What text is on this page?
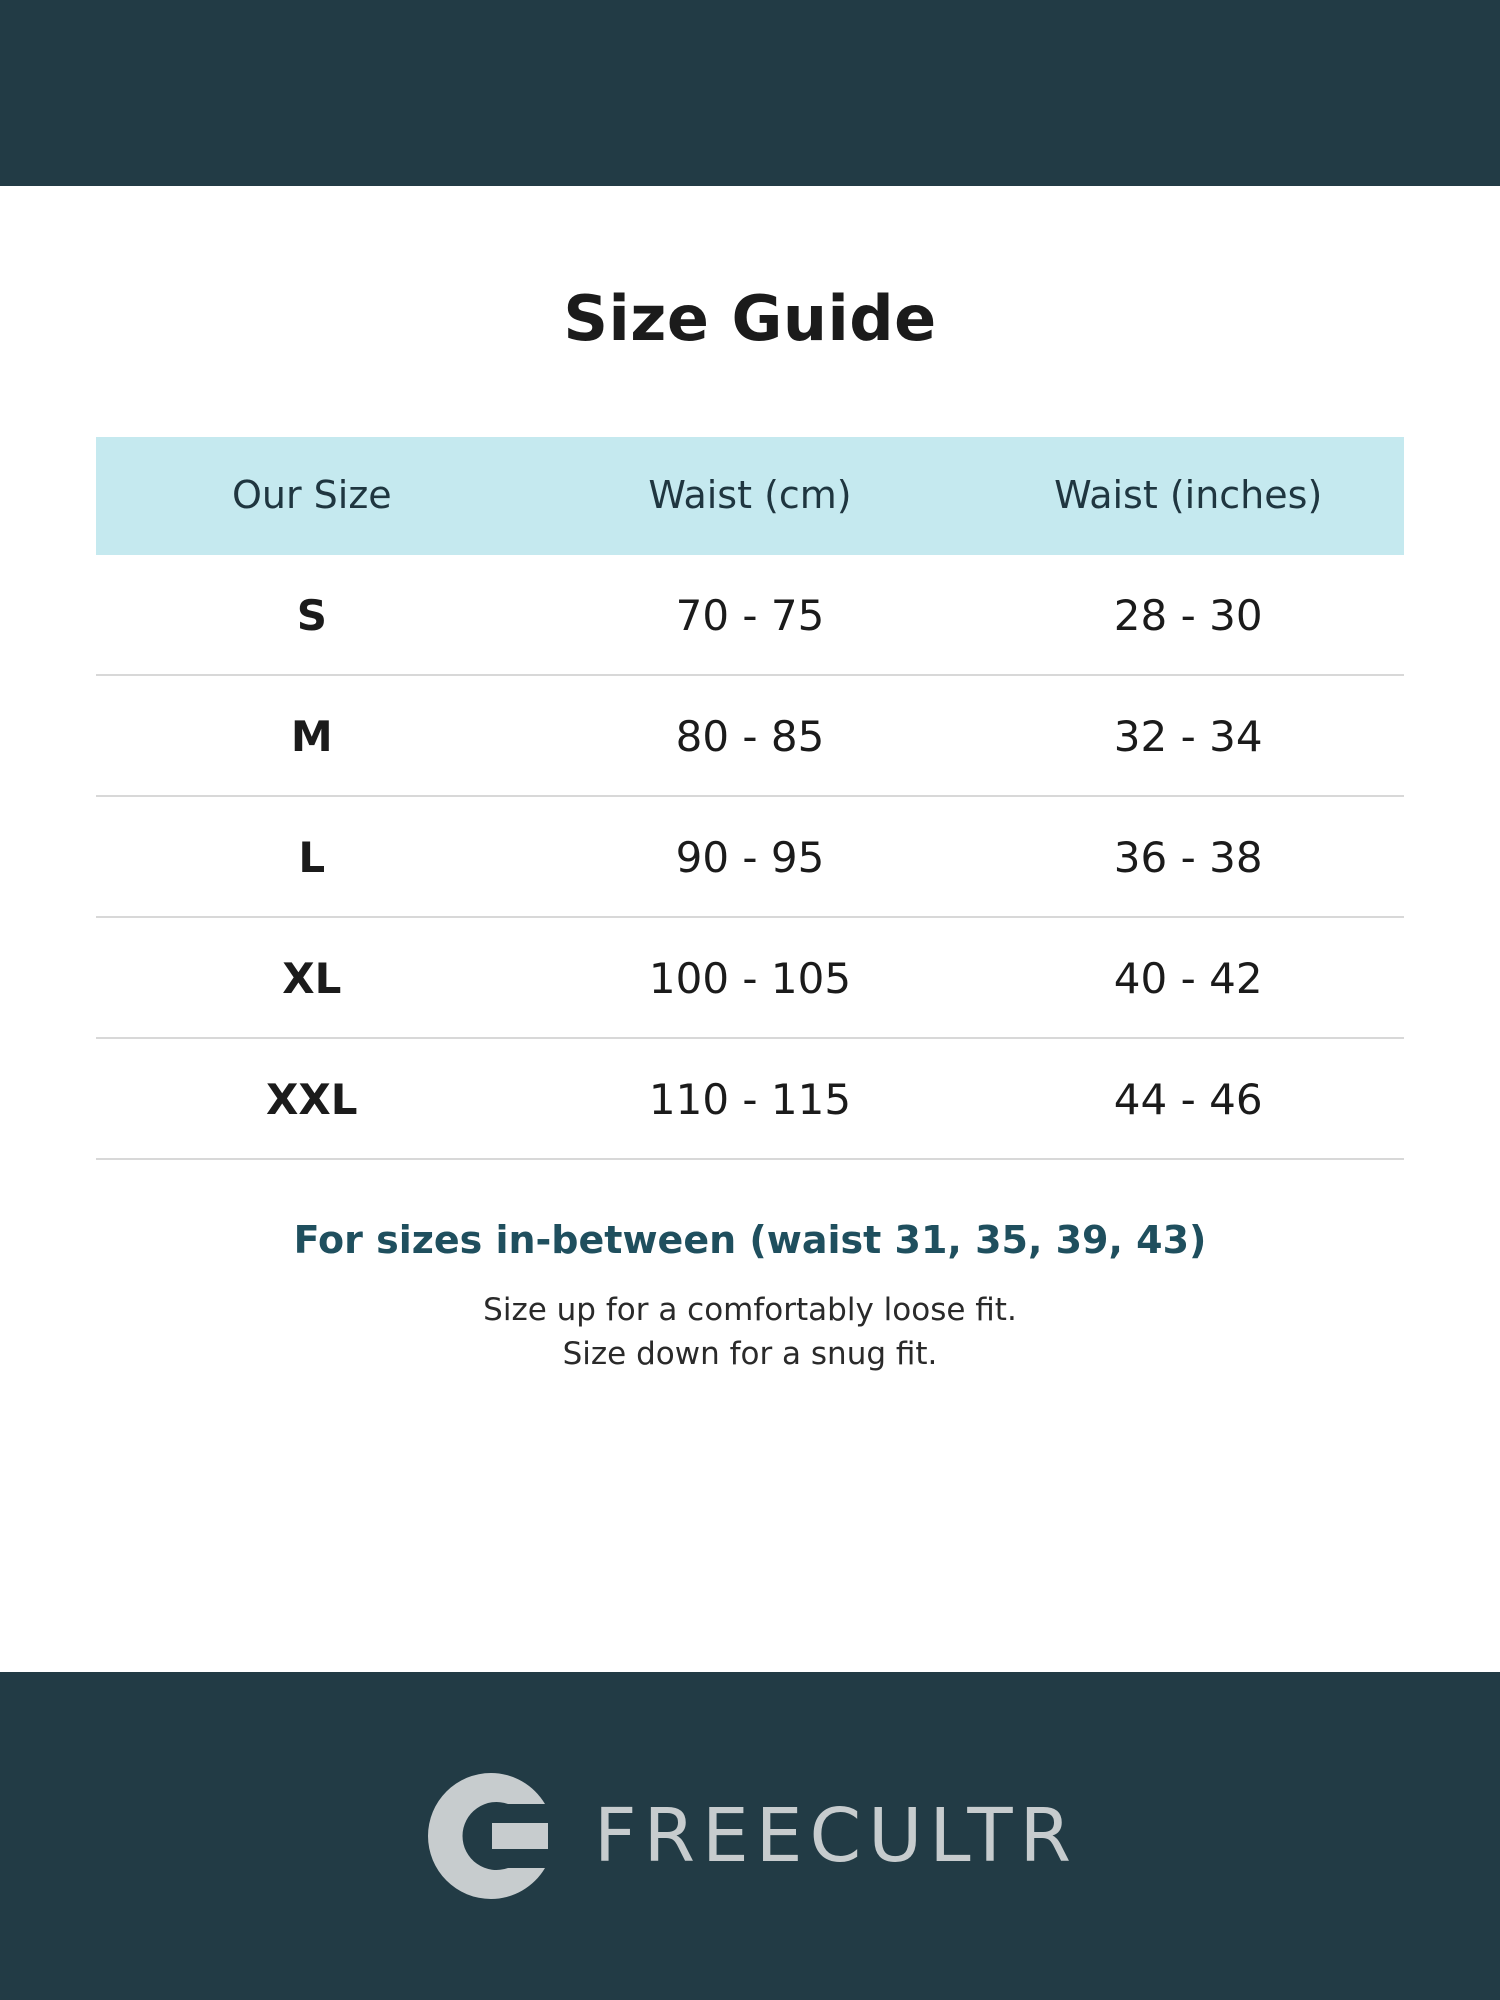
Size Guide
Our Size	Waist (cm)	Waist (inches)
S	70 - 75	28 - 30
M	80 - 85	32 - 34
L	90 - 95	36 - 38
XL	100 - 105	40 - 42
XXL	110 - 115	44 - 46
For sizes in-between (waist 31, 35, 39, 43)
Size up for a comfortably loose fit.
Size down for a snug fit.
FREECULTR
